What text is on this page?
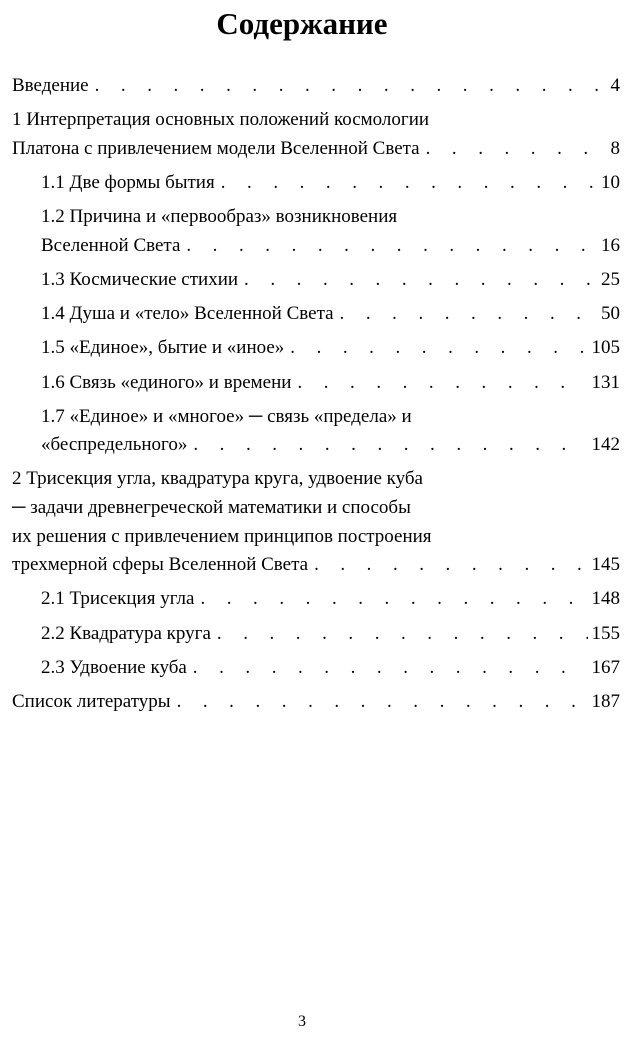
Содержание
Введение . . .	4
1 Интерпретация основных положений космологии
Платона с привлечением модели Вселенной Света . . .	8
1.1 Две формы бытия . . .	10
1.2 Причина и «первообраз» возникновения
Вселенной Света . . .	16
1.3 Космические стихии . . .	25
1.4 Душа и «тело» Вселенной Света . . .	50
1.5 «Единое», бытие и «иное» . . .	105
1.6 Связь «единого» и времени . . .	131
1.7 «Единое» и «многое» ─ связь «предела» и
«беспредельного» . . .	142
2 Трисекция угла, квадратура круга, удвоение куба
─ задачи древнегреческой математики и способы
их решения с привлечением принципов построения
трехмерной сферы Вселенной Света . . .	145
2.1 Трисекция угла . . .	148
2.2 Квадратура круга . . .	155
2.3 Удвоение куба . . .	167
Список литературы . . .	187
3
